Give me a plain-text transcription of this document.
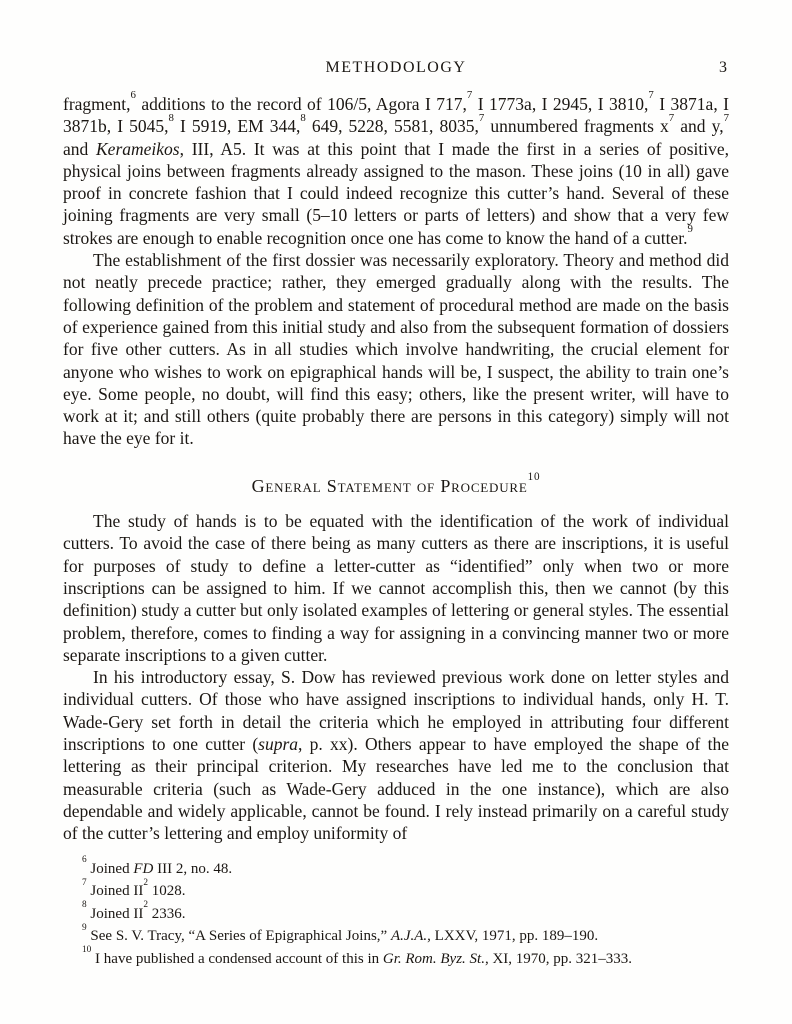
METHODOLOGY	3

fragment,$^6$ additions to the record of 106/5, Agora I 717,$^7$ I 1773a, I 2945, I 3810,$^7$ I 3871a, I 3871b, I 5045,$^8$ I 5919, EM 344,$^8$ 649, 5228, 5581, 8035,$^7$ unnumbered fragments $x^7$ and y,$^7$ and Kerameikos, III, A5. It was at this point that I made the first in a series of positive, physical joins between fragments already assigned to the mason. These joins (10 in all) gave proof in concrete fashion that I could indeed recognize this cutter’s hand. Several of these joining fragments are very small (5–10 letters or parts of letters) and show that a very few strokes are enough to enable recognition once one has come to know the hand of a cutter.$^9$

The establishment of the first dossier was necessarily exploratory. Theory and method did not neatly precede practice; rather, they emerged gradually along with the results. The following definition of the problem and statement of procedural method are made on the basis of experience gained from this initial study and also from the subsequent formation of dossiers for five other cutters. As in all studies which involve handwriting, the crucial element for anyone who wishes to work on epigraphical hands will be, I suspect, the ability to train one’s eye. Some people, no doubt, will find this easy; others, like the present writer, will have to work at it; and still others (quite probably there are persons in this category) simply will not have the eye for it.

General Statement of Procedure$^{10}$

The study of hands is to be equated with the identification of the work of individual cutters. To avoid the case of there being as many cutters as there are inscriptions, it is useful for purposes of study to define a letter-cutter as “identified” only when two or more inscriptions can be assigned to him. If we cannot accomplish this, then we cannot (by this definition) study a cutter but only isolated examples of lettering or general styles. The essential problem, therefore, comes to finding a way for assigning in a convincing manner two or more separate inscriptions to a given cutter.

In his introductory essay, S. Dow has reviewed previous work done on letter styles and individual cutters. Of those who have assigned inscriptions to individual hands, only H. T. Wade-Gery set forth in detail the criteria which he employed in attributing four different inscriptions to one cutter (supra, p. xx). Others appear to have employed the shape of the lettering as their principal criterion. My researches have led me to the conclusion that measurable criteria (such as Wade-Gery adduced in the one instance), which are also dependable and widely applicable, cannot be found. I rely instead primarily on a careful study of the cutter’s lettering and employ uniformity of

$^6$ Joined FD III 2, no. 48.

$^7$ Joined $II^2$ 1028.

$^8$ Joined $II^2$ 2336.

$^9$ See S. V. Tracy, “A Series of Epigraphical Joins,” A.J.A., LXXV, 1971, pp. 189–190.

$^{10}$ I have published a condensed account of this in Gr. Rom. Byz. St., XI, 1970, pp. 321–333.
